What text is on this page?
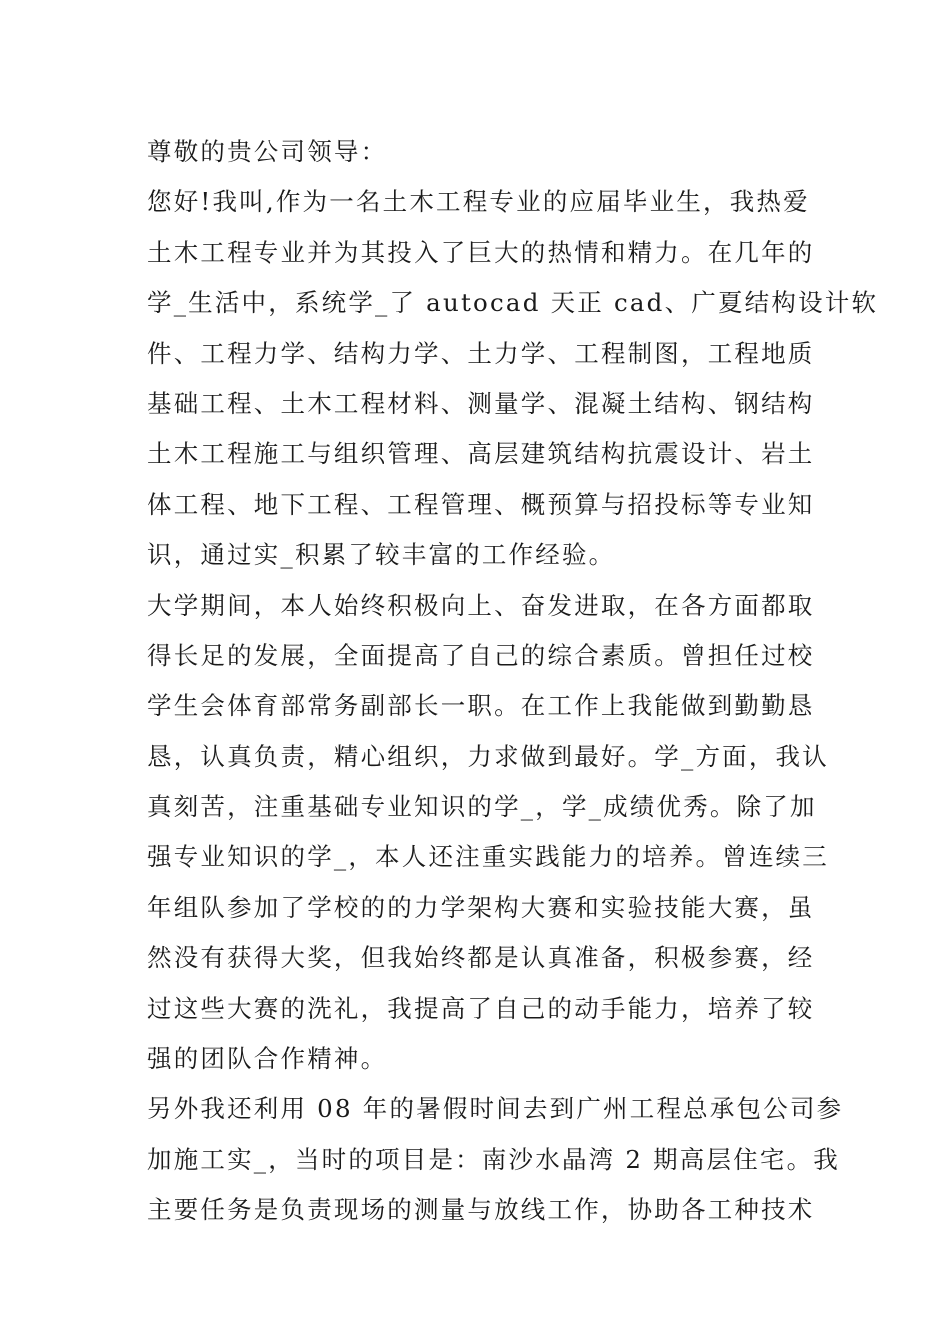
尊敬的贵公司领导：
您好!我叫,作为一名土木工程专业的应届毕业生，我热爱
土木工程专业并为其投入了巨大的热情和精力。在几年的
学_生活中，系统学_了 autocad 天正 cad、广夏结构设计软
件、工程力学、结构力学、土力学、工程制图，工程地质
基础工程、土木工程材料、测量学、混凝土结构、钢结构
土木工程施工与组织管理、高层建筑结构抗震设计、岩土
体工程、地下工程、工程管理、概预算与招投标等专业知
识，通过实_积累了较丰富的工作经验。
大学期间，本人始终积极向上、奋发进取，在各方面都取
得长足的发展，全面提高了自己的综合素质。曾担任过校
学生会体育部常务副部长一职。在工作上我能做到勤勤恳
恳，认真负责，精心组织，力求做到最好。学_方面，我认
真刻苦，注重基础专业知识的学_，学_成绩优秀。除了加
强专业知识的学_，本人还注重实践能力的培养。曾连续三
年组队参加了学校的的力学架构大赛和实验技能大赛，虽
然没有获得大奖，但我始终都是认真准备，积极参赛，经
过这些大赛的洗礼，我提高了自己的动手能力，培养了较
强的团队合作精神。
另外我还利用 08 年的暑假时间去到广州工程总承包公司参
加施工实_，当时的项目是：南沙水晶湾 2 期高层住宅。我
主要任务是负责现场的测量与放线工作，协助各工种技术
